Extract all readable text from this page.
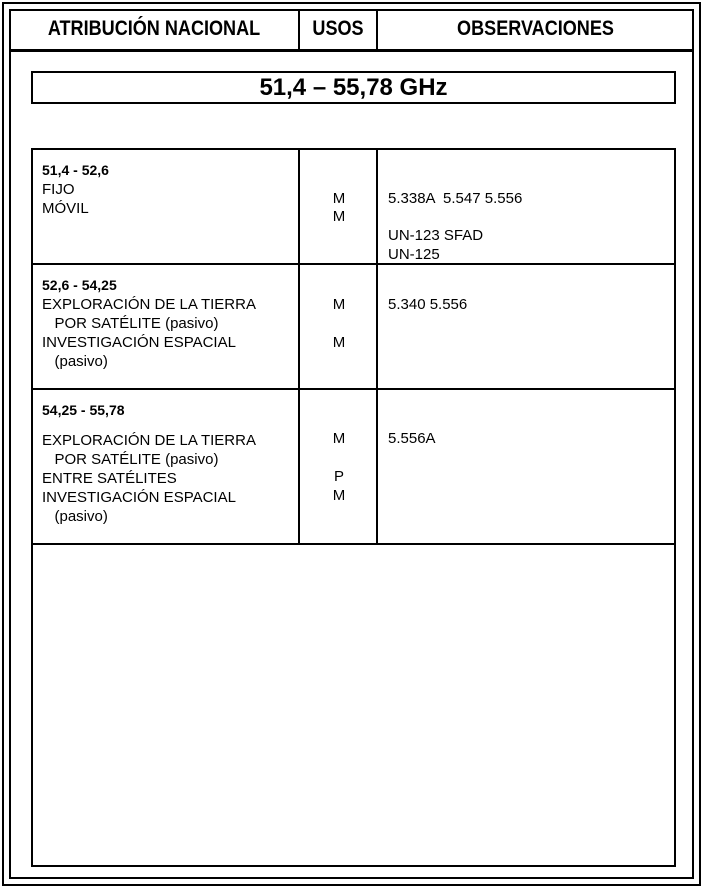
ATRIBUCIÓN NACIONAL	USOS	OBSERVACIONES
51,4 – 55,78 GHz
51,4 - 52,6
FIJO
MÓVIL
M
M
5.338A  5.547 5.556
UN-123 SFAD
UN-125
52,6 - 54,25
EXPLORACIÓN DE LA TIERRA
POR SATÉLITE (pasivo)
INVESTIGACIÓN ESPACIAL
(pasivo)
M
M
5.340 5.556
54,25 - 55,78
EXPLORACIÓN DE LA TIERRA
POR SATÉLITE (pasivo)
ENTRE SATÉLITES
INVESTIGACIÓN ESPACIAL
(pasivo)
M
P
M
5.556A
